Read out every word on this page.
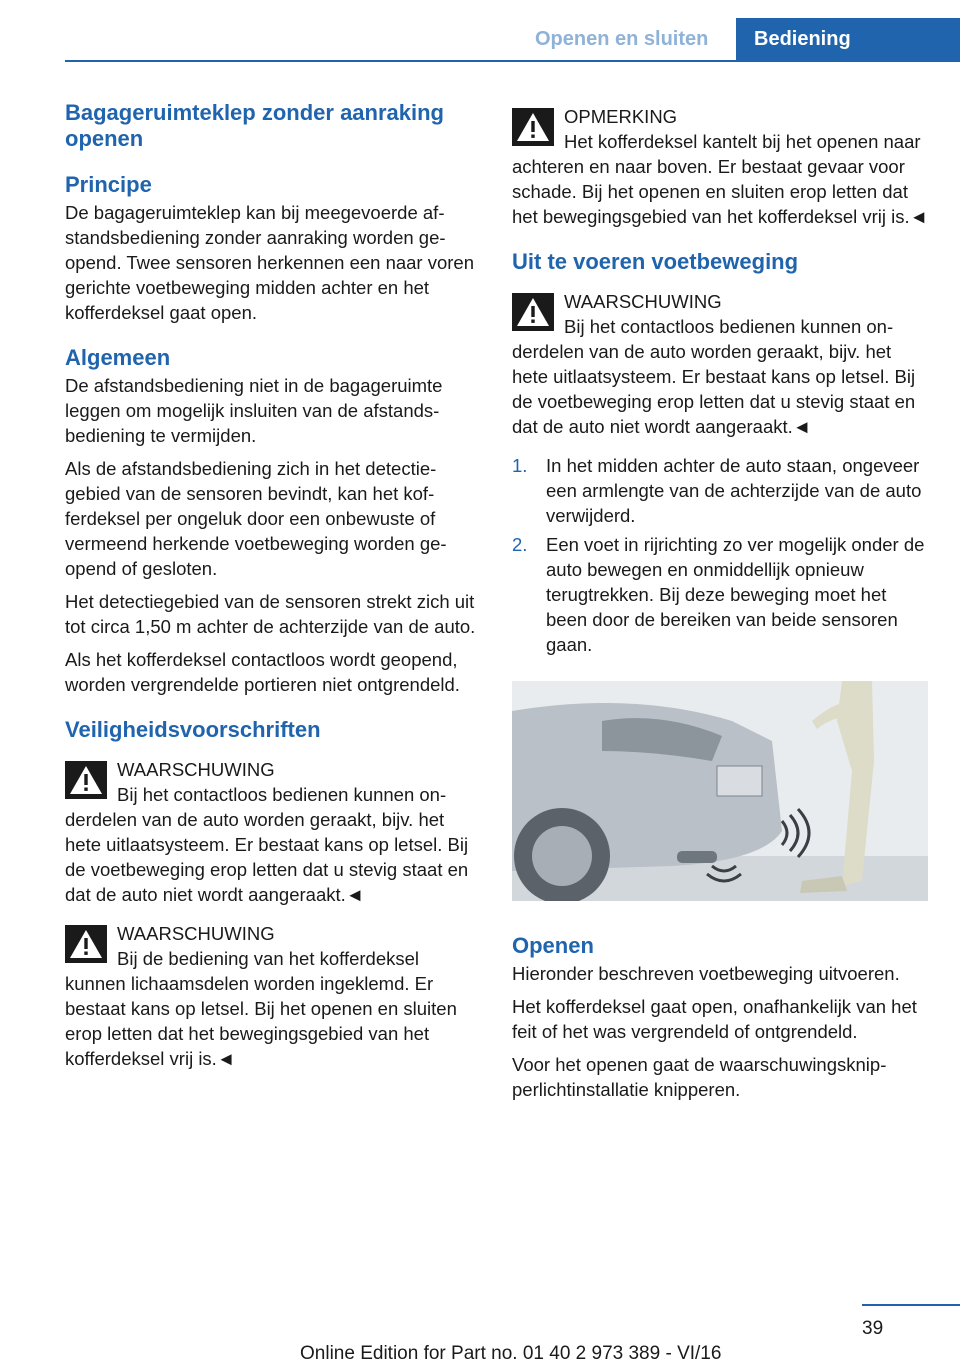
Openen en sluiten	Bediening
Bagageruimteklep zonder aanraking openen
Principe

De bagageruimteklep kan bij meegevoerde afstandsbediening zonder aanraking worden geopend. Twee sensoren herkennen een naar voren gerichte voetbeweging midden achter en het kofferdeksel gaat open.

Algemeen

De afstandsbediening niet in de bagageruimte leggen om mogelijk insluiten van de afstandsbediening te vermijden.

Als de afstandsbediening zich in het detectiegebied van de sensoren bevindt, kan het kofferdeksel per ongeluk door een onbewuste of vermeend herkende voetbeweging worden geopend of gesloten.

Het detectiegebied van de sensoren strekt zich uit tot circa 1,50 m achter de achterzijde van de auto.

Als het kofferdeksel contactloos wordt geopend, worden vergrendelde portieren niet ontgrendeld.

Veiligheidsvoorschriften
WAARSCHUWING
Bij het contactloos bedienen kunnen onderdelen van de auto worden geraakt, bijv. het hete uitlaatsysteem. Er bestaat kans op letsel. Bij de voetbeweging erop letten dat u stevig staat en dat de auto niet wordt aangeraakt.◄
WAARSCHUWING
Bij de bediening van het kofferdeksel kunnen lichaamsdelen worden ingeklemd. Er bestaat kans op letsel. Bij het openen en sluiten erop letten dat het bewegingsgebied van het kofferdeksel vrij is.◄
OPMERKING
Het kofferdeksel kantelt bij het openen naar achteren en naar boven. Er bestaat gevaar voor schade. Bij het openen en sluiten erop letten dat het bewegingsgebied van het kofferdeksel vrij is.◄
Uit te voeren voetbeweging
WAARSCHUWING
Bij het contactloos bedienen kunnen onderdelen van de auto worden geraakt, bijv. het hete uitlaatsysteem. Er bestaat kans op letsel. Bij de voetbeweging erop letten dat u stevig staat en dat de auto niet wordt aangeraakt.◄
1. In het midden achter de auto staan, ongeveer een armlengte van de achterzijde van de auto verwijderd.
2. Een voet in rijrichting zo ver mogelijk onder de auto bewegen en onmiddellijk opnieuw terugtrekken. Bij deze beweging moet het been door de bereiken van beide sensoren gaan.
Openen

Hieronder beschreven voetbeweging uitvoeren.

Het kofferdeksel gaat open, onafhankelijk van het feit of het was vergrendeld of ontgrendeld.

Voor het openen gaat de waarschuwingsknipperlichtinstallatie knipperen.

39
Online Edition for Part no. 01 40 2 973 389 - VI/16
